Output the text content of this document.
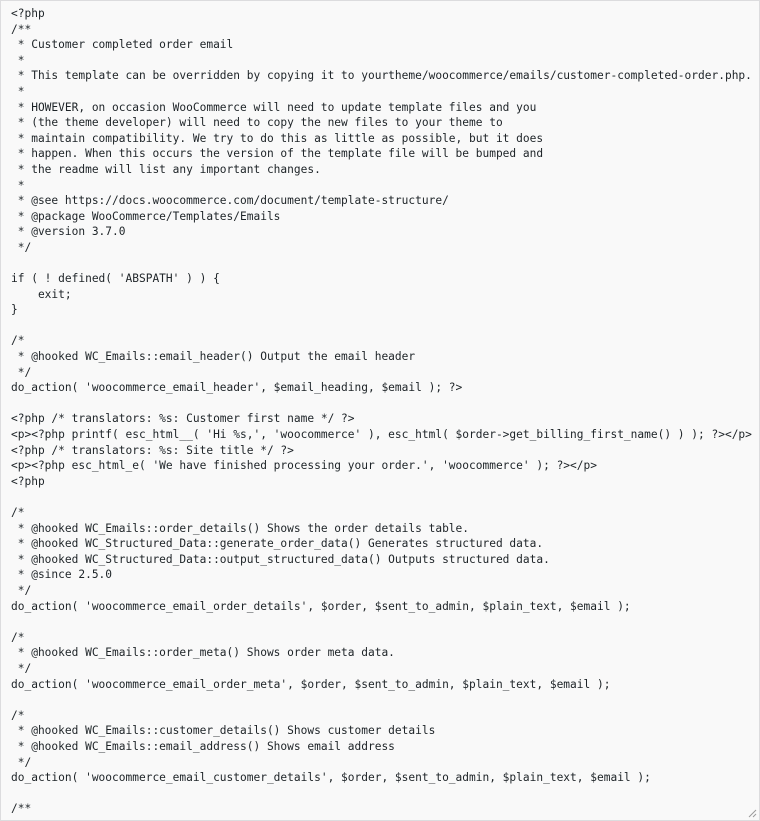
<?php
/**
* Customer completed order email
*
* This template can be overridden by copying it to yourtheme/woocommerce/emails/customer-completed-order.php.
*
* HOWEVER, on occasion WooCommerce will need to update template files and you
* (the theme developer) will need to copy the new files to your theme to
* maintain compatibility. We try to do this as little as possible, but it does
* happen. When this occurs the version of the template file will be bumped and
* the readme will list any important changes.
*
* @see https://docs.woocommerce.com/document/template-structure/
* @package WooCommerce/Templates/Emails
* @version 3.7.0
*/
if ( ! defined( 'ABSPATH' ) ) {
exit;
}
/*
* @hooked WC_Emails::email_header() Output the email header
*/
do_action( 'woocommerce_email_header', $email_heading, $email ); ?>
<?php /* translators: %s: Customer first name */ ?>
<p><?php printf( esc_html__( 'Hi %s,', 'woocommerce' ), esc_html( $order->get_billing_first_name() ) ); ?></p>
<?php /* translators: %s: Site title */ ?>
<p><?php esc_html_e( 'We have finished processing your order.', 'woocommerce' ); ?></p>
<?php
/*
* @hooked WC_Emails::order_details() Shows the order details table.
* @hooked WC_Structured_Data::generate_order_data() Generates structured data.
* @hooked WC_Structured_Data::output_structured_data() Outputs structured data.
* @since 2.5.0
*/
do_action( 'woocommerce_email_order_details', $order, $sent_to_admin, $plain_text, $email );
/*
* @hooked WC_Emails::order_meta() Shows order meta data.
*/
do_action( 'woocommerce_email_order_meta', $order, $sent_to_admin, $plain_text, $email );
/*
* @hooked WC_Emails::customer_details() Shows customer details
* @hooked WC_Emails::email_address() Shows email address
*/
do_action( 'woocommerce_email_customer_details', $order, $sent_to_admin, $plain_text, $email );
/**
